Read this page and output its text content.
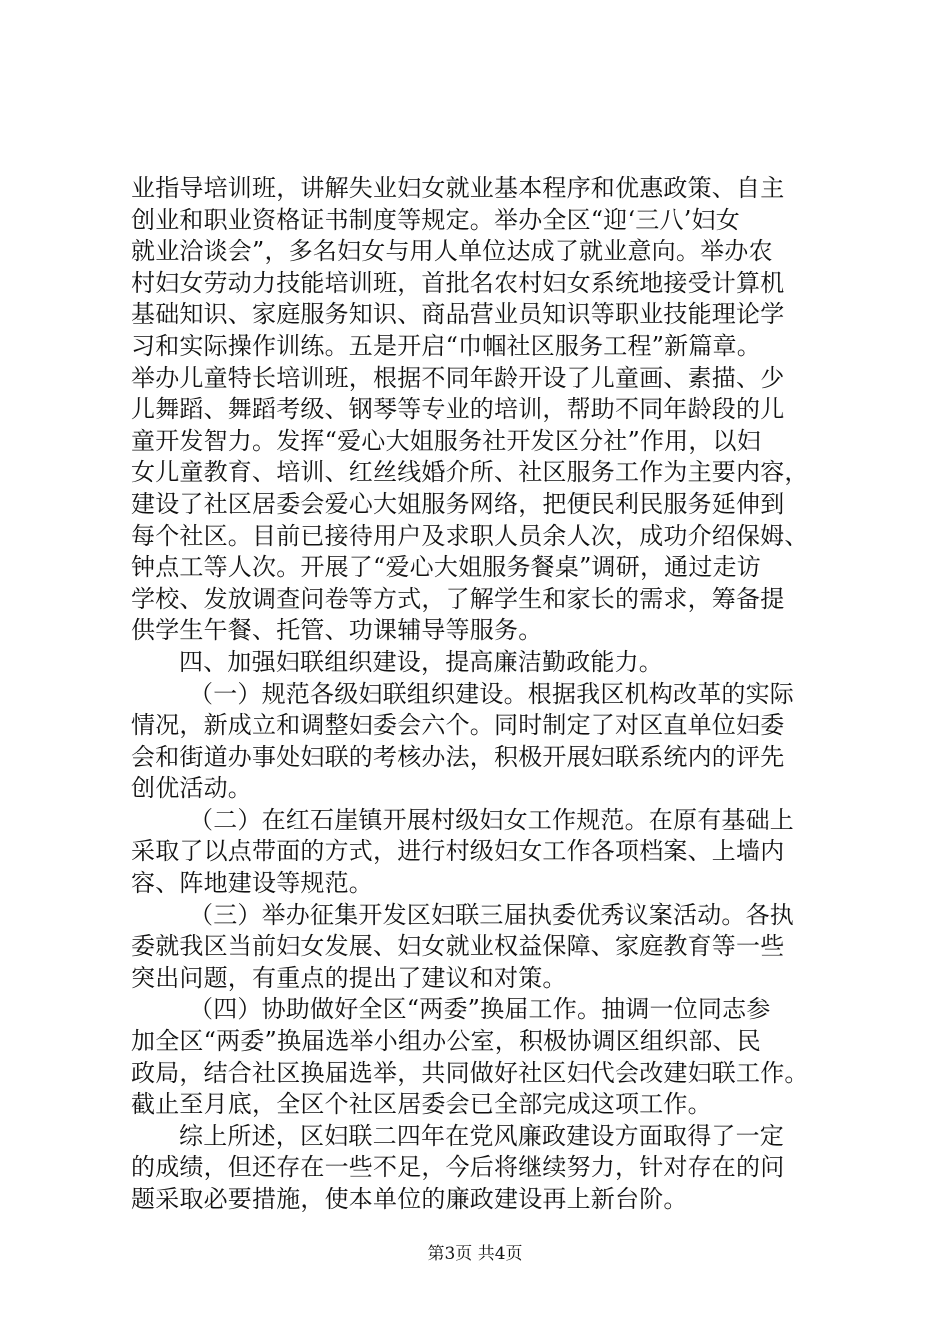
业指导培训班，讲解失业妇女就业基本程序和优惠政策、自主
创业和职业资格证书制度等规定。举办全区“迎‘三八’妇女
就业洽谈会”，多名妇女与用人单位达成了就业意向。举办农
村妇女劳动力技能培训班，首批名农村妇女系统地接受计算机
基础知识、家庭服务知识、商品营业员知识等职业技能理论学
习和实际操作训练。五是开启“巾帼社区服务工程”新篇章。
举办儿童特长培训班，根据不同年龄开设了儿童画、素描、少
儿舞蹈、舞蹈考级、钢琴等专业的培训，帮助不同年龄段的儿
童开发智力。发挥“爱心大姐服务社开发区分社”作用，以妇
女儿童教育、培训、红丝线婚介所、社区服务工作为主要内容，
建设了社区居委会爱心大姐服务网络，把便民利民服务延伸到
每个社区。目前已接待用户及求职人员余人次，成功介绍保姆、
钟点工等人次。开展了“爱心大姐服务餐桌”调研，通过走访
学校、发放调查问卷等方式，了解学生和家长的需求，筹备提
供学生午餐、托管、功课辅导等服务。
四、加强妇联组织建设，提高廉洁勤政能力。
（一）规范各级妇联组织建设。根据我区机构改革的实际
情况，新成立和调整妇委会六个。同时制定了对区直单位妇委
会和街道办事处妇联的考核办法，积极开展妇联系统内的评先
创优活动。
（二）在红石崖镇开展村级妇女工作规范。在原有基础上
采取了以点带面的方式，进行村级妇女工作各项档案、上墙内
容、阵地建设等规范。
（三）举办征集开发区妇联三届执委优秀议案活动。各执
委就我区当前妇女发展、妇女就业权益保障、家庭教育等一些
突出问题，有重点的提出了建议和对策。
（四）协助做好全区“两委”换届工作。抽调一位同志参
加全区“两委”换届选举小组办公室，积极协调区组织部、民
政局，结合社区换届选举，共同做好社区妇代会改建妇联工作。
截止至月底，全区个社区居委会已全部完成这项工作。
综上所述，区妇联二四年在党风廉政建设方面取得了一定
的成绩，但还存在一些不足，今后将继续努力，针对存在的问
题采取必要措施，使本单位的廉政建设再上新台阶。
第3页 共4页
